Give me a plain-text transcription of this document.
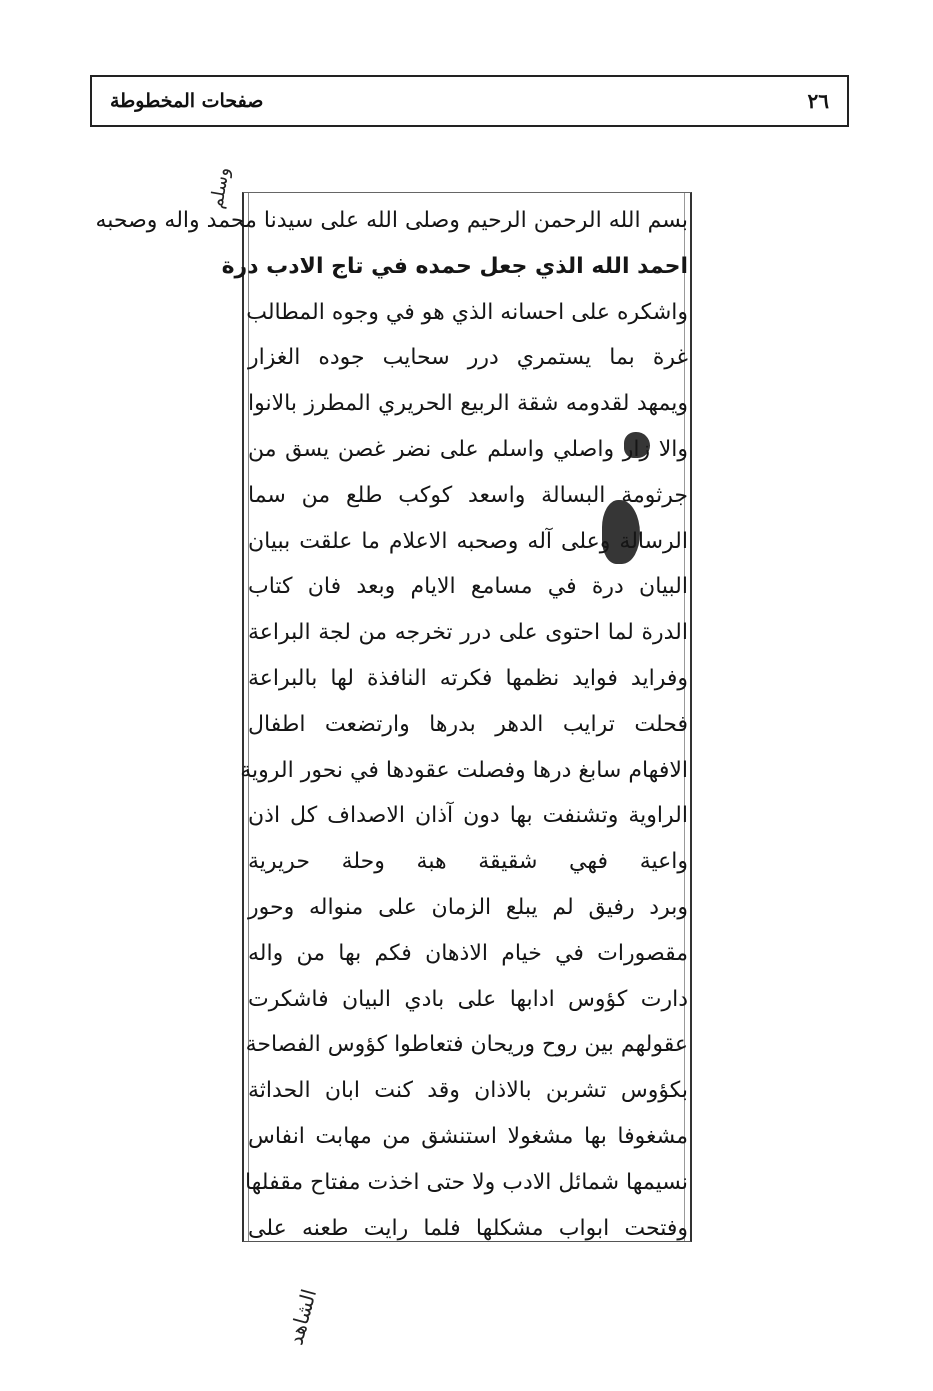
٢٦
صفحات المخطوطة
وسلم
بسم الله الرحمن الرحيم وصلى الله على سيدنا محمد واله وصحبه
احمد الله الذي جعل حمده في تاج الادب درة
واشكره على احسانه الذي هو في وجوه المطالب
غرة بما يستمري درر سحايب جوده الغزار
ويمهد لقدومه شقة الربيع الحريري المطرز بالانوا
والا زار واصلي واسلم على نضر غصن يسق من
جرثومة البسالة واسعد كوكب طلع من سما
الرسالة وعلى آله وصحبه الاعلام ما علقت ببيان
البيان درة في مسامع الايام وبعد فان كتاب
الدرة لما احتوى على درر تخرجه من لجة البراعة
وفرايد فوايد نظمها فكرته النافذة لها بالبراعة
فحلت ترايب الدهر بدرها وارتضعت اطفال
الافهام سابغ درها وفصلت عقودها في نحور الروية
الراوية وتشنفت بها دون آذان الاصداف كل اذن
واعية فهي شقيقة هبة وحلة حريرية
وبرد رفيق لم يبلع الزمان على منواله وحور
مقصورات في خيام الاذهان فكم بها من واله
دارت كؤوس ادابها على بادي البيان فاشكرت
عقولهم بين روح وريحان فتعاطوا كؤوس الفصاحة
بكؤوس تشربن بالاذان وقد كنت ابان الحداثة
مشغوفا بها مشغولا استنشق من مهابت انفاس
نسيمها شمائل الادب ولا حتى اخذت مفتاح مقفلها
وفتحت ابواب مشكلها فلما رايت طعنه على
الشاهد
